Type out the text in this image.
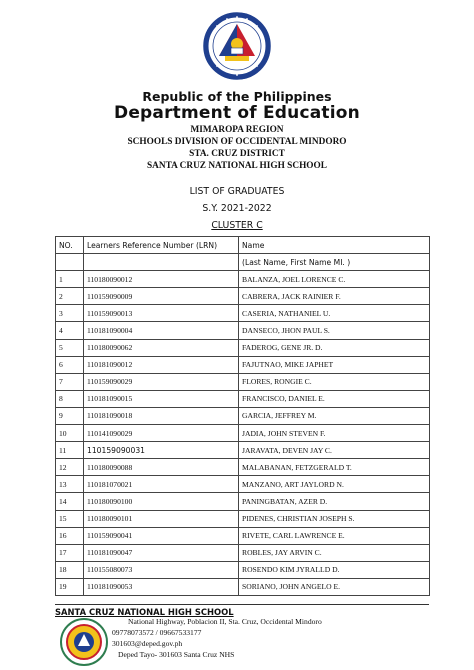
Republic of the Philippines
Department of Education
MIMAROPA REGION
SCHOOLS DIVISION OF OCCIDENTAL MINDORO
STA. CRUZ DISTRICT
SANTA CRUZ NATIONAL HIGH SCHOOL
LIST OF GRADUATES
S.Y. 2021-2022
CLUSTER C
NO.	Learners Reference Number (LRN)	Name
		(Last Name, First Name MI. )
1	110180090012	BALANZA, JOEL LORENCE C.
2	110159090009	CABRERA, JACK RAINIER F.
3	110159090013	CASERIA, NATHANIEL U.
4	110181090004	DANSECO, JHON PAUL S.
5	110180090062	FADEROG, GENE JR. D.
6	110181090012	FAJUTNAO, MIKE JAPHET
7	110159090029	FLORES, RONGIE C.
8	110181090015	FRANCISCO, DANIEL E.
9	110181090018	GARCIA, JEFFREY M.
10	110141090029	JADIA, JOHN STEVEN F.
11	110159090031	JARAVATA, DEVEN JAY C.
12	110180090088	MALABANAN, FETZGERALD T.
13	110181070021	MANZANO, ART JAYLORD N.
14	110180090100	PANINGBATAN, AZER D.
15	110180090101	PIDENES, CHRISTIAN JOSEPH S.
16	110159090041	RIVETE, CARL LAWRENCE E.
17	110181090047	ROBLES, JAY ARVIN C.
18	110155080073	ROSENDO KIM JYRALLD D.
19	110181090053	SORIANO, JOHN ANGELO E.
SANTA CRUZ NATIONAL HIGH SCHOOL
National Highway, Poblacion II, Sta. Cruz, Occidental Mindoro
09778073572 / 09667533177
301603@deped.gov.ph
Deped Tayo- 301603 Santa Cruz NHS
